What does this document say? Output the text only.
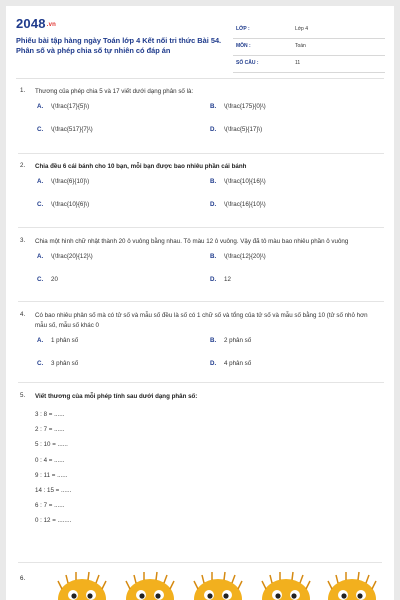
2048.vn
Phiếu bài tập hàng ngày Toán lớp 4 Kết nối tri thức Bài 54. Phân số và phép chia số tự nhiên có đáp án
LỚP :	Lớp 4
MÔN :	Toán
SỐ CÂU :	11
1. Thương của phép chia 5 và 17 viết dưới dạng phân số là:
A. \(\frac{17}{5}\)	B. \(\frac{175}{0}\)
C. \(\frac{517}{7}\)	D. \(\frac{5}{17}\)
2. Chia đều 6 cái bánh cho 10 bạn, mỗi bạn được bao nhiêu phần cái bánh
A. \(\frac{6}{10}\)	B. \(\frac{10}{16}\)
C. \(\frac{10}{6}\)	D. \(\frac{16}{10}\)
3. Chia một hình chữ nhật thành 20 ô vuông bằng nhau. Tô màu 12 ô vuông. Vậy đã tô màu bao nhiêu phần ô vuông
A. \(\frac{20}{12}\)	B. \(\frac{12}{20}\)
C. 20	D. 12
4. Có bao nhiêu phân số mà có tử số và mẫu số đều là số có 1 chữ số và tổng của tử số và mẫu số bằng 10 (tử số nhỏ hơn mẫu số, mẫu số khác 0
A. 1 phân số	B. 2 phân số
C. 3 phân số	D. 4 phân số
5. Viết thương của mỗi phép tính sau dưới dạng phân số:
3 : 8 = ......
2 : 7 = ......
5 : 10 = ......
0 : 4 = ......
9 : 11 = ......
14 : 15 = ......
6 : 7 = ......
0 : 12 = ........
6.
